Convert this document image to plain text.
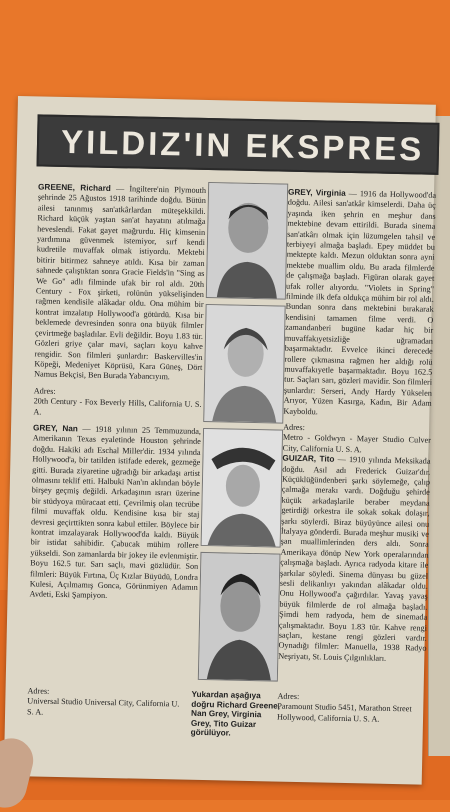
YILDIZ'IN EKSPRES

GREENE, Richard — İngiltere'nin Plymouth şehrinde 25 Ağustos 1918 tarihinde doğdu. Bütün ailesi tanınmış san'atkârlardan müteşekkildi. Richard küçük yaştan san'at hayatını atılmağa heveslendi. Fakat gayet mağrurdu. Hiç kimsenin yardımına güvenmek istemiyor, sırf kendi kudretile muvaffak olmak istiyordu. Mektebi bitirir bitirmez sahneye atıldı. Kısa bir zaman sahnede çalıştıktan sonra Gracie Fields'in "Sing as We Go" adlı filminde ufak bir rol aldı. 20th Century - Fox şirketi, rolünün yükselişinden rağmen kendisile alâkadar oldu. Ona mühim bir kontrat imzalatıp Hollywood'a götürdü. Kısa bir beklemede devresinden sonra ona büyük filmler çevirtmeğe başladılar. Evli değildir. Boyu 1.83 tür. Gözleri griye çalar mavi, saçları koyu kahve rengidir. Son filmleri şunlardır: Baskervilles'in Köpeği, Medeniyet Köprüsü, Kara Güneş, Dört Namus Bekçisi, Ben Burada Yabancıyım.

Adres:

20th Century - Fox Beverly Hills, California U. S. A.

GREY, Nan — 1918 yılının 25 Temmuzunda, Amerikanın Texas eyaletinde Houston şehrinde doğdu. Hakiki adı Eschal Miller'dir. 1934 yılında Hollywood'a, bir tatilden istifade ederek, gezmeğe gitti. Burada ziyaretine uğradığı bir arkadaşı artist olmasını teklif etti. Halbuki Nan'ın aklından böyle birşey geçmiş değildi. Arkadaşının ısrarı üzerine bir stüdyoya müracaat etti. Çevrilmiş olan tecrübe filmi muvaffak oldu. Kendisine kısa bir staj devresi geçirttikten sonra kabul ettiler. Böylece bir kontrat imzalayarak Hollywood'da kaldı. Büyük bir istidat sahibidir. Çabucak mühim rollere yükseldi. Son zamanlarda bir jokey ile evlenmiştir. Boyu 162.5 tur. Sarı saçlı, mavi gözlüdür. Son filmleri: Büyük Fırtına, Üç Kızlar Büyüdü, Londra Kulesi, Açılmamış Gonca, Görünmiyen Adamın Avdeti, Eski Şampiyon.

GREY, Virginia — 1916 da Hollywood'da doğdu. Ailesi san'atkâr kimselerdi. Daha üç yaşında iken şehrin en meşhur dans mektebine devam ettirildi. Burada sinema san'atkârı olmak için lüzumgelen tahsil ve terbiyeyi almağa başladı. Epey müddet bu mektepte kaldı. Mezun olduktan sonra ayni mektebe muallim oldu. Bu arada filmlerde de çalışmağa başladı. Figüran olarak gayet ufak roller alıyordu. "Violets in Spring" filminde ilk defa oldukça mühim bir rol aldı. Bundan sonra dans mektebini bırakarak kendisini tamamen filme verdi. O zamandanberi bugüne kadar hiç bir muvaffakıyetsizliğe uğramadan başarmaktadır. Evvelce ikinci derecede rollere çıkmasına rağmen her aldığı rolü muvaffakıyetle başarmaktadır. Boyu 162.5 tur. Saçları sarı, gözleri mavidir. Son filmleri şunlardır: Serseri, Andy Hardy Yükselen Arıyor, Yüzen Kasırga, Kadın, Bir Adam Kayboldu.

Adres:

Metro - Goldwyn - Mayer Studio Culver City, California U. S. A.

GUIZAR, Tito — 1910 yılında Meksikada doğdu. Asıl adı Frederick Guizar'dır. Küçüklüğündenberi şarkı söylemeğe, çalıp çalmağa merakı vardı. Doğduğu şehirde küçük arkadaşlarile beraber meydana getirdiği orkestra ile sokak sokak dolaşır, şarkı söylerdi. Biraz büyüyünce ailesi onu İtalyaya gönderdi. Burada meşhur musiki ve şan muallimlerinden ders aldı. Sonra Amerikaya dönüp New York operalarından çalışmağa başladı. Ayrıca radyoda kitare ile şarkılar söyledi. Sinema dünyası bu güzel sesli delikanlıyı yakından alâkadar oldu. Onu Hollywood'a çağırdılar. Yavaş yavaş büyük filmlerde de rol almağa başladı. Şimdi hem radyoda, hem de sinemada çalışmaktadır. Boyu 1.83 tür. Kahve rengi saçları, kestane rengi gözleri vardır. Oynadığı filmler: Manuella, 1938 Radyo Neşriyatı, St. Louis Çılgınlıkları.

Adres:

Universal Studio Universal City, California U. S. A.

Yukardan aşağıya doğru Richard Greene, Nan Grey, Virginia Grey, Tito Guizar görülüyor.

Adres:

Paramount Studio 5451, Marathon Street Hollywood, California U. S. A.
